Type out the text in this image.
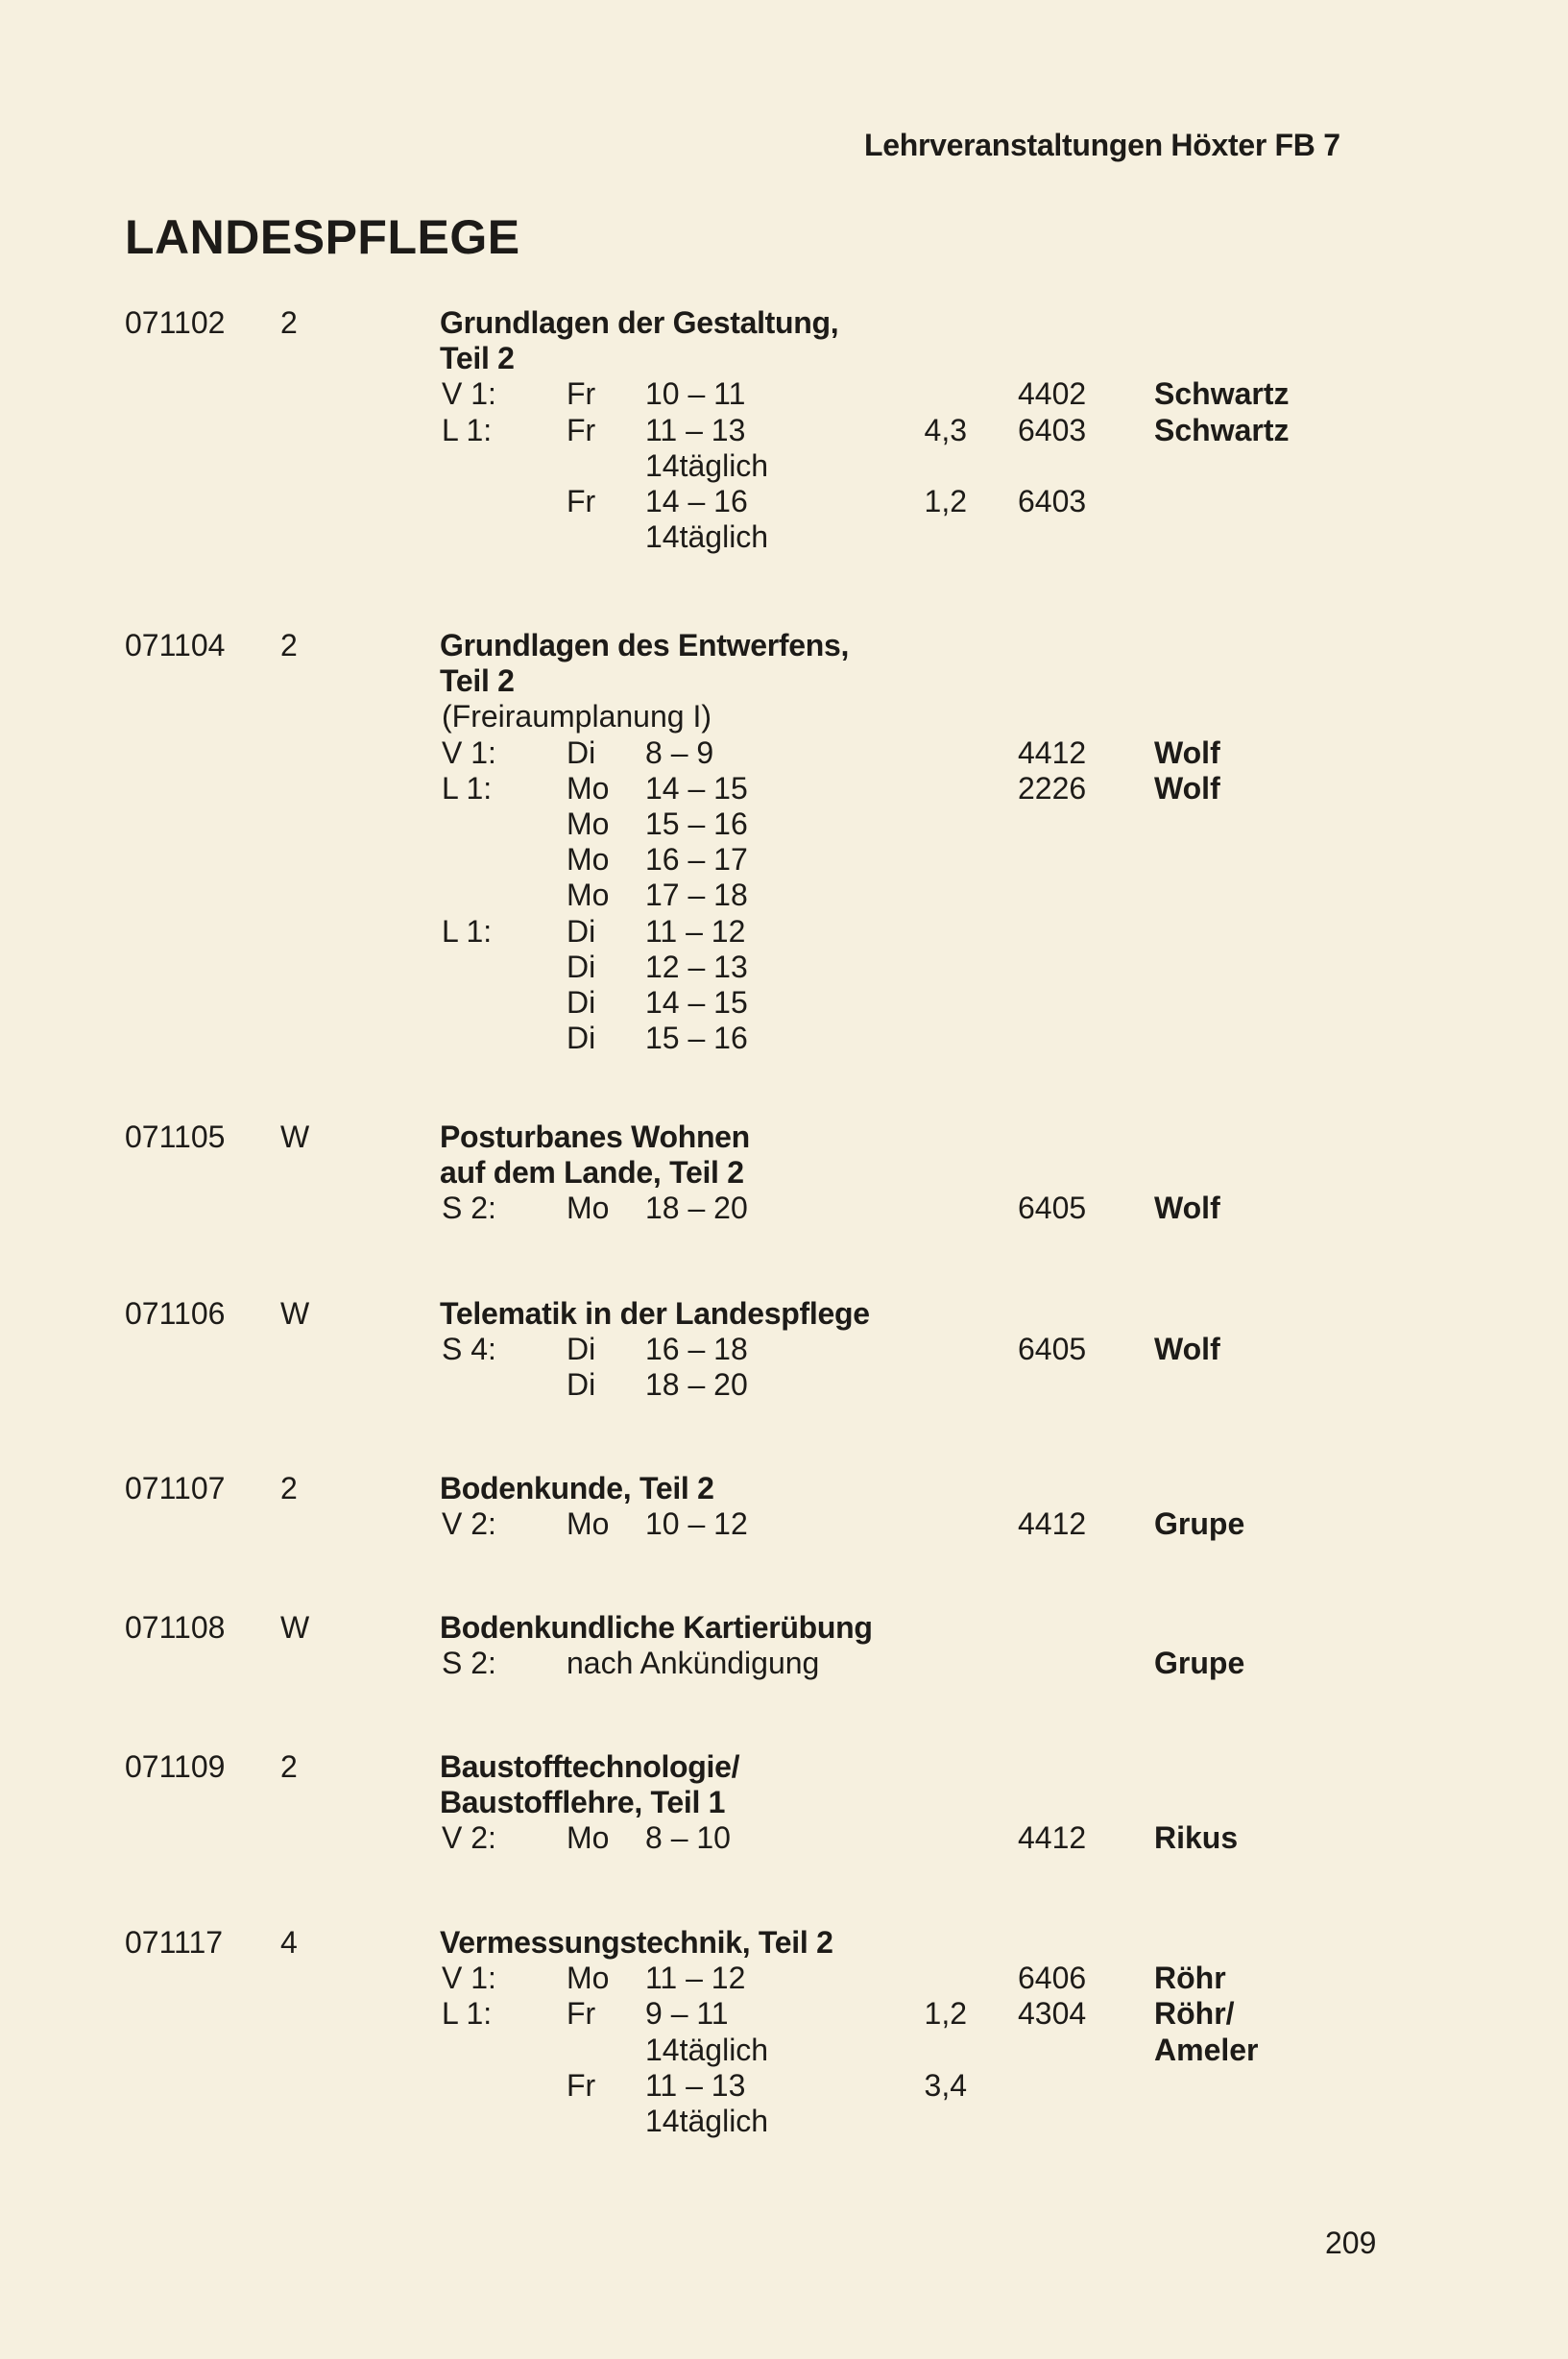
Lehrveranstaltungen Höxter FB 7
LANDESPFLEGE
071102 2	Grundlagen der Gestaltung,
Teil 2
V 1: Fr 10 – 11	4402 Schwartz
L 1: Fr 11 – 13	4,3 6403 Schwartz
14täglich
Fr 14 – 16	1,2 6403
14täglich
071104 2	Grundlagen des Entwerfens,
Teil 2
(Freiraumplanung I)
V 1: Di 8 – 9	4412 Wolf
L 1: Mo 14 – 15	2226 Wolf
Mo 15 – 16
Mo 16 – 17
Mo 17 – 18
L 1: Di 11 – 12
Di 12 – 13
Di 14 – 15
Di 15 – 16
071105 W	Posturbanes Wohnen
auf dem Lande, Teil 2
S 2: Mo 18 – 20	6405 Wolf
071106 W	Telematik in der Landespflege
S 4: Di 16 – 18	6405 Wolf
Di 18 – 20
071107 2	Bodenkunde, Teil 2
V 2: Mo 10 – 12	4412 Grupe
071108 W	Bodenkundliche Kartierübung
S 2: nach Ankündigung	Grupe
071109 2	Baustofftechnologie/
Baustofflehre, Teil 1
V 2: Mo 8 – 10	4412 Rikus
071117 4	Vermessungstechnik, Teil 2
V 1: Mo 11 – 12	6406 Röhr
L 1: Fr 9 – 11	1,2 4304 Röhr/
14täglich	Ameler
Fr 11 – 13	3,4
14täglich
209
